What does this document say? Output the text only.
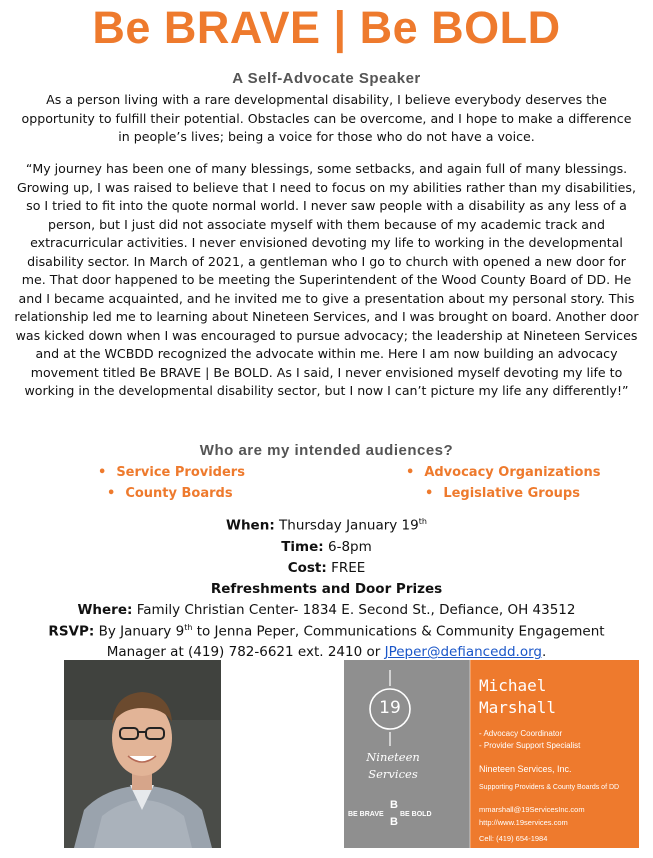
Be BRAVE | Be BOLD
A Self-Advocate Speaker
As a person living with a rare developmental disability, I believe everybody deserves the opportunity to fulfill their potential. Obstacles can be overcome, and I hope to make a difference in people’s lives; being a voice for those who do not have a voice.
“My journey has been one of many blessings, some setbacks, and again full of many blessings. Growing up, I was raised to believe that I need to focus on my abilities rather than my disabilities, so I tried to fit into the quote normal world. I never saw people with a disability as any less of a person, but I just did not associate myself with them because of my academic track and extracurricular activities. I never envisioned devoting my life to working in the developmental disability sector. In March of 2021, a gentleman who I go to church with opened a new door for me. That door happened to be meeting the Superintendent of the Wood County Board of DD. He and I became acquainted, and he invited me to give a presentation about my personal story. This relationship led me to learning about Nineteen Services, and I was brought on board. Another door was kicked down when I was encouraged to pursue advocacy; the leadership at Nineteen Services and at the WCBDD recognized the advocate within me. Here I am now building an advocacy movement titled Be BRAVE | Be BOLD. As I said, I never envisioned myself devoting my life to working in the developmental disability sector, but I now I can’t picture my life any differently!”
Who are my intended audiences?
• Service Providers	• Advocacy Organizations
• County Boards	• Legislative Groups
When: Thursday January 19th
Time: 6-8pm
Cost: FREE
Refreshments and Door Prizes
Where: Family Christian Center- 1834 E. Second St., Defiance, OH 43512
RSVP: By January 9th to Jenna Peper, Communications & Community Engagement
Manager at (419) 782-6621 ext. 2410 or JPeper@defiancedd.org.
19
Nineteen
Services
BE BRAVE
B
B
BE BOLD
Michael
Marshall
- Advocacy Coordinator
- Provider Support Specialist
Nineteen Services, Inc.
Supporting Providers & County Boards of DD
mmarshall@19ServicesInc.com
http://www.19services.com
Cell: (419) 654-1984
